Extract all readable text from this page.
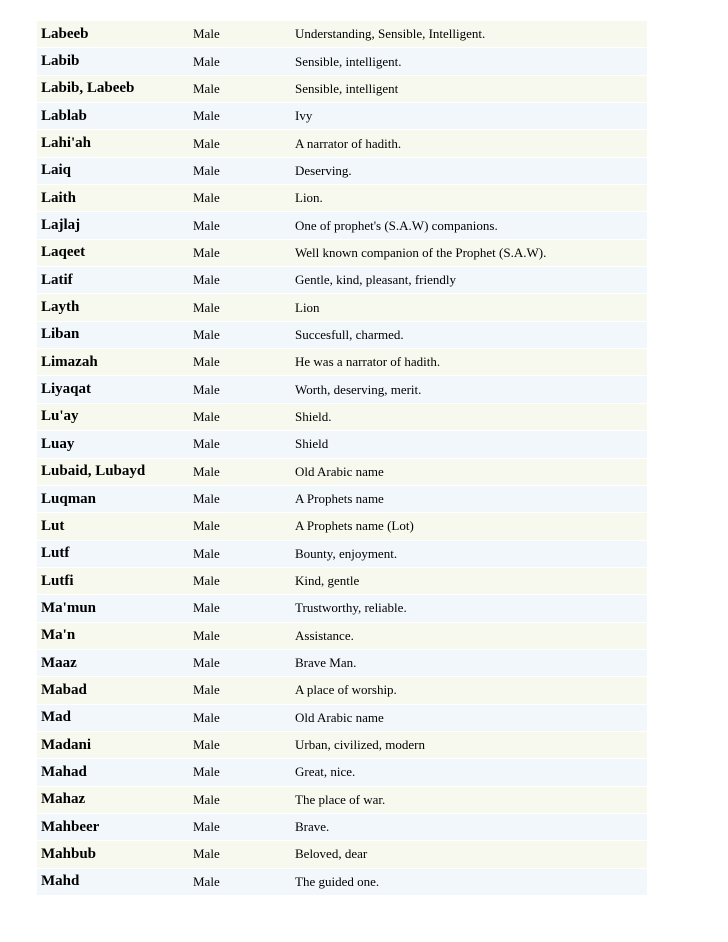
Labeeb	Male	Understanding, Sensible, Intelligent.
Labib	Male	Sensible, intelligent.
Labib, Labeeb	Male	Sensible, intelligent
Lablab	Male	Ivy
Lahi'ah	Male	A narrator of hadith.
Laiq	Male	Deserving.
Laith	Male	Lion.
Lajlaj	Male	One of prophet's (S.A.W) companions.
Laqeet	Male	Well known companion of the Prophet (S.A.W).
Latif	Male	Gentle, kind, pleasant, friendly
Layth	Male	Lion
Liban	Male	Succesfull, charmed.
Limazah	Male	He was a narrator of hadith.
Liyaqat	Male	Worth, deserving, merit.
Lu'ay	Male	Shield.
Luay	Male	Shield
Lubaid, Lubayd	Male	Old Arabic name
Luqman	Male	A Prophets name
Lut	Male	A Prophets name (Lot)
Lutf	Male	Bounty, enjoyment.
Lutfi	Male	Kind, gentle
Ma'mun	Male	Trustworthy, reliable.
Ma'n	Male	Assistance.
Maaz	Male	Brave Man.
Mabad	Male	A place of worship.
Mad	Male	Old Arabic name
Madani	Male	Urban, civilized, modern
Mahad	Male	Great, nice.
Mahaz	Male	The place of war.
Mahbeer	Male	Brave.
Mahbub	Male	Beloved, dear
Mahd	Male	The guided one.
